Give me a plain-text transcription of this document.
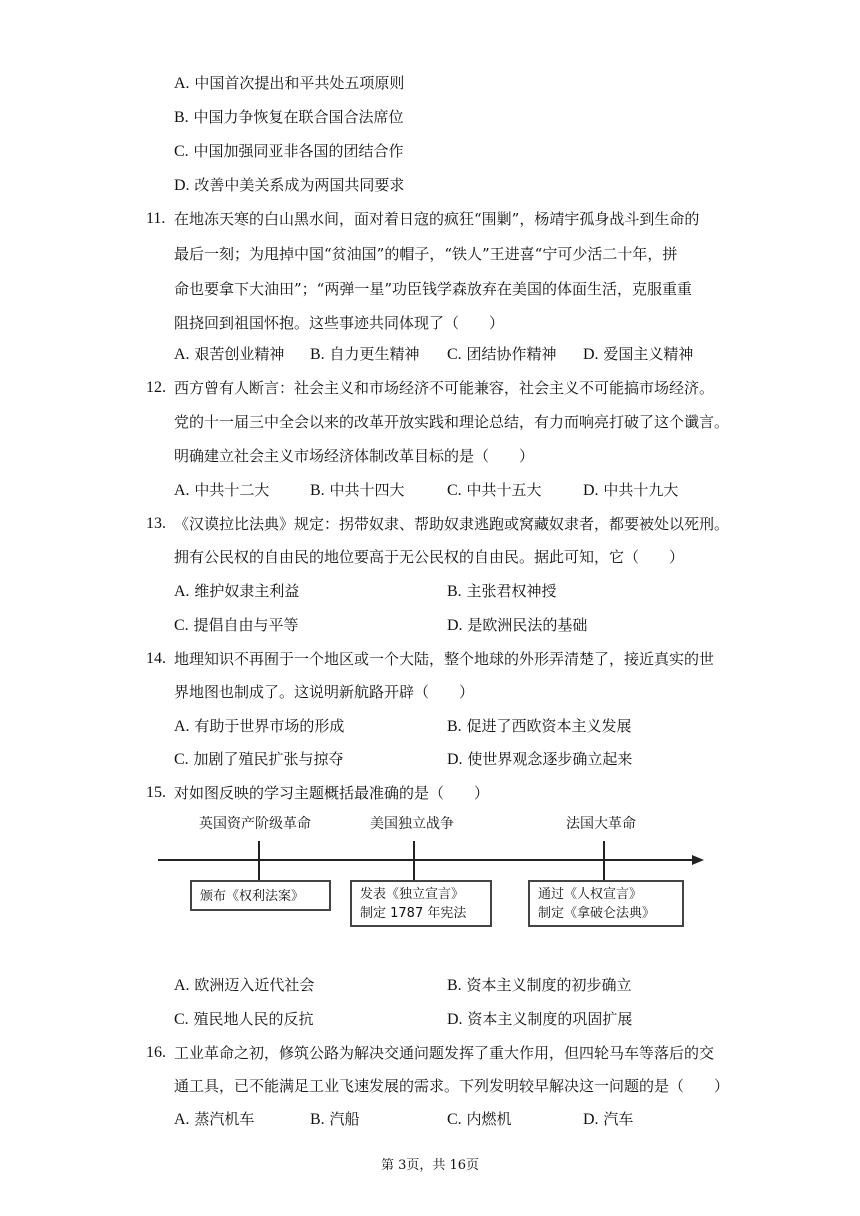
A. 中国首次提出和平共处五项原则
B. 中国力争恢复在联合国合法席位
C. 中国加强同亚非各国的团结合作
D. 改善中美关系成为两国共同要求
11. 在地冻天寒的白山黑水间，面对着日寇的疯狂“围剿”，杨靖宇孤身战斗到生命的
最后一刻；为甩掉中国“贫油国”的帽子，“铁人”王进喜“宁可少活二十年，拼
命也要拿下大油田”；“两弹一星”功臣钱学森放弃在美国的体面生活，克服重重
阻挠回到祖国怀抱。这些事迹共同体现了（　　）
A. 艰苦创业精神 B. 自力更生精神 C. 团结协作精神 D. 爱国主义精神
12. 西方曾有人断言：社会主义和市场经济不可能兼容，社会主义不可能搞市场经济。
党的十一届三中全会以来的改革开放实践和理论总结，有力而响亮打破了这个谶言。
明确建立社会主义市场经济体制改革目标的是（　　）
A. 中共十二大	B. 中共十四大	C. 中共十五大	D. 中共十九大
13. 《汉谟拉比法典》规定：拐带奴隶、帮助奴隶逃跑或窝藏奴隶者，都要被处以死刑。
拥有公民权的自由民的地位要高于无公民权的自由民。据此可知，它（　　）
A. 维护奴隶主利益	B. 主张君权神授
C. 提倡自由与平等	D. 是欧洲民法的基础
14. 地理知识不再囿于一个地区或一个大陆，整个地球的外形弄清楚了，接近真实的世
界地图也制成了。这说明新航路开辟（　　）
A. 有助于世界市场的形成	B. 促进了西欧资本主义发展
C. 加剧了殖民扩张与掠夺	D. 使世界观念逐步确立起来
15. 对如图反映的学习主题概括最准确的是（　　）
英国资产阶级革命	美国独立战争	法国大革命
颁布《权利法案》	发表《独立宣言》
制定 1787 年宪法
通过《人权宣言》
制定《拿破仑法典》
A. 欧洲迈入近代社会	B. 资本主义制度的初步确立
C. 殖民地人民的反抗	D. 资本主义制度的巩固扩展
16. 工业革命之初，修筑公路为解决交通问题发挥了重大作用，但四轮马车等落后的交
通工具，已不能满足工业飞速发展的需求。下列发明较早解决这一问题的是（　　）
A. 蒸汽机车	B. 汽船	C. 内燃机	D. 汽车
第 3页，共 16页
